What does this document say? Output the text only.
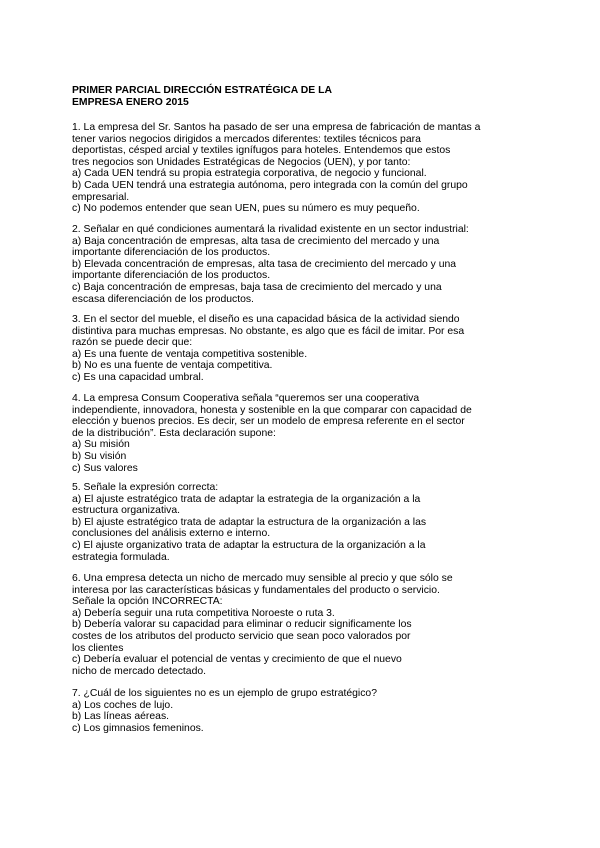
PRIMER PARCIAL DIRECCIÓN ESTRATÉGICA DE LA
EMPRESA ENERO 2015
1. La empresa del Sr. Santos ha pasado de ser una empresa de fabricación de mantas a
tener varios negocios dirigidos a mercados diferentes: textiles técnicos para
deportistas, césped arcial y textiles ignífugos para hoteles. Entendemos que estos
tres negocios son Unidades Estratégicas de Negocios (UEN), y por tanto:
a) Cada UEN tendrá su propia estrategia corporativa, de negocio y funcional.
b) Cada UEN tendrá una estrategia autónoma, pero integrada con la común del grupo
empresarial.
c) No podemos entender que sean UEN, pues su número es muy pequeño.
2. Señalar en qué condiciones aumentará la rivalidad existente en un sector industrial:
a) Baja concentración de empresas, alta tasa de crecimiento del mercado y una
importante diferenciación de los productos.
b) Elevada concentración de empresas, alta tasa de crecimiento del mercado y una
importante diferenciación de los productos.
c) Baja concentración de empresas, baja tasa de crecimiento del mercado y una
escasa diferenciación de los productos.
3. En el sector del mueble, el diseño es una capacidad básica de la actividad siendo
distintiva para muchas empresas. No obstante, es algo que es fácil de imitar. Por esa
razón se puede decir que:
a) Es una fuente de ventaja competitiva sostenible.
b) No es una fuente de ventaja competitiva.
c) Es una capacidad umbral.
4. La empresa Consum Cooperativa señala “queremos ser una cooperativa
independiente, innovadora, honesta y sostenible en la que comparar con capacidad de
elección y buenos precios. Es decir, ser un modelo de empresa referente en el sector
de la distribución”. Esta declaración supone:
a) Su misión
b) Su visión
c) Sus valores
5. Señale la expresión correcta:
a) El ajuste estratégico trata de adaptar la estrategia de la organización a la
estructura organizativa.
b) El ajuste estratégico trata de adaptar la estructura de la organización a las
conclusiones del análisis externo e interno.
c) El ajuste organizativo trata de adaptar la estructura de la organización a la
estrategia formulada.
6. Una empresa detecta un nicho de mercado muy sensible al precio y que sólo se
interesa por las características básicas y fundamentales del producto o servicio.
Señale la opción INCORRECTA:
a) Debería seguir una ruta competitiva Noroeste o ruta 3.
b) Debería valorar su capacidad para eliminar o reducir significamente los
costes de los atributos del producto servicio que sean poco valorados por
los clientes
c) Debería evaluar el potencial de ventas y crecimiento de que el nuevo
nicho de mercado detectado.
7. ¿Cuál de los siguientes no es un ejemplo de grupo estratégico?
a) Los coches de lujo.
b) Las líneas aéreas.
c) Los gimnasios femeninos.
